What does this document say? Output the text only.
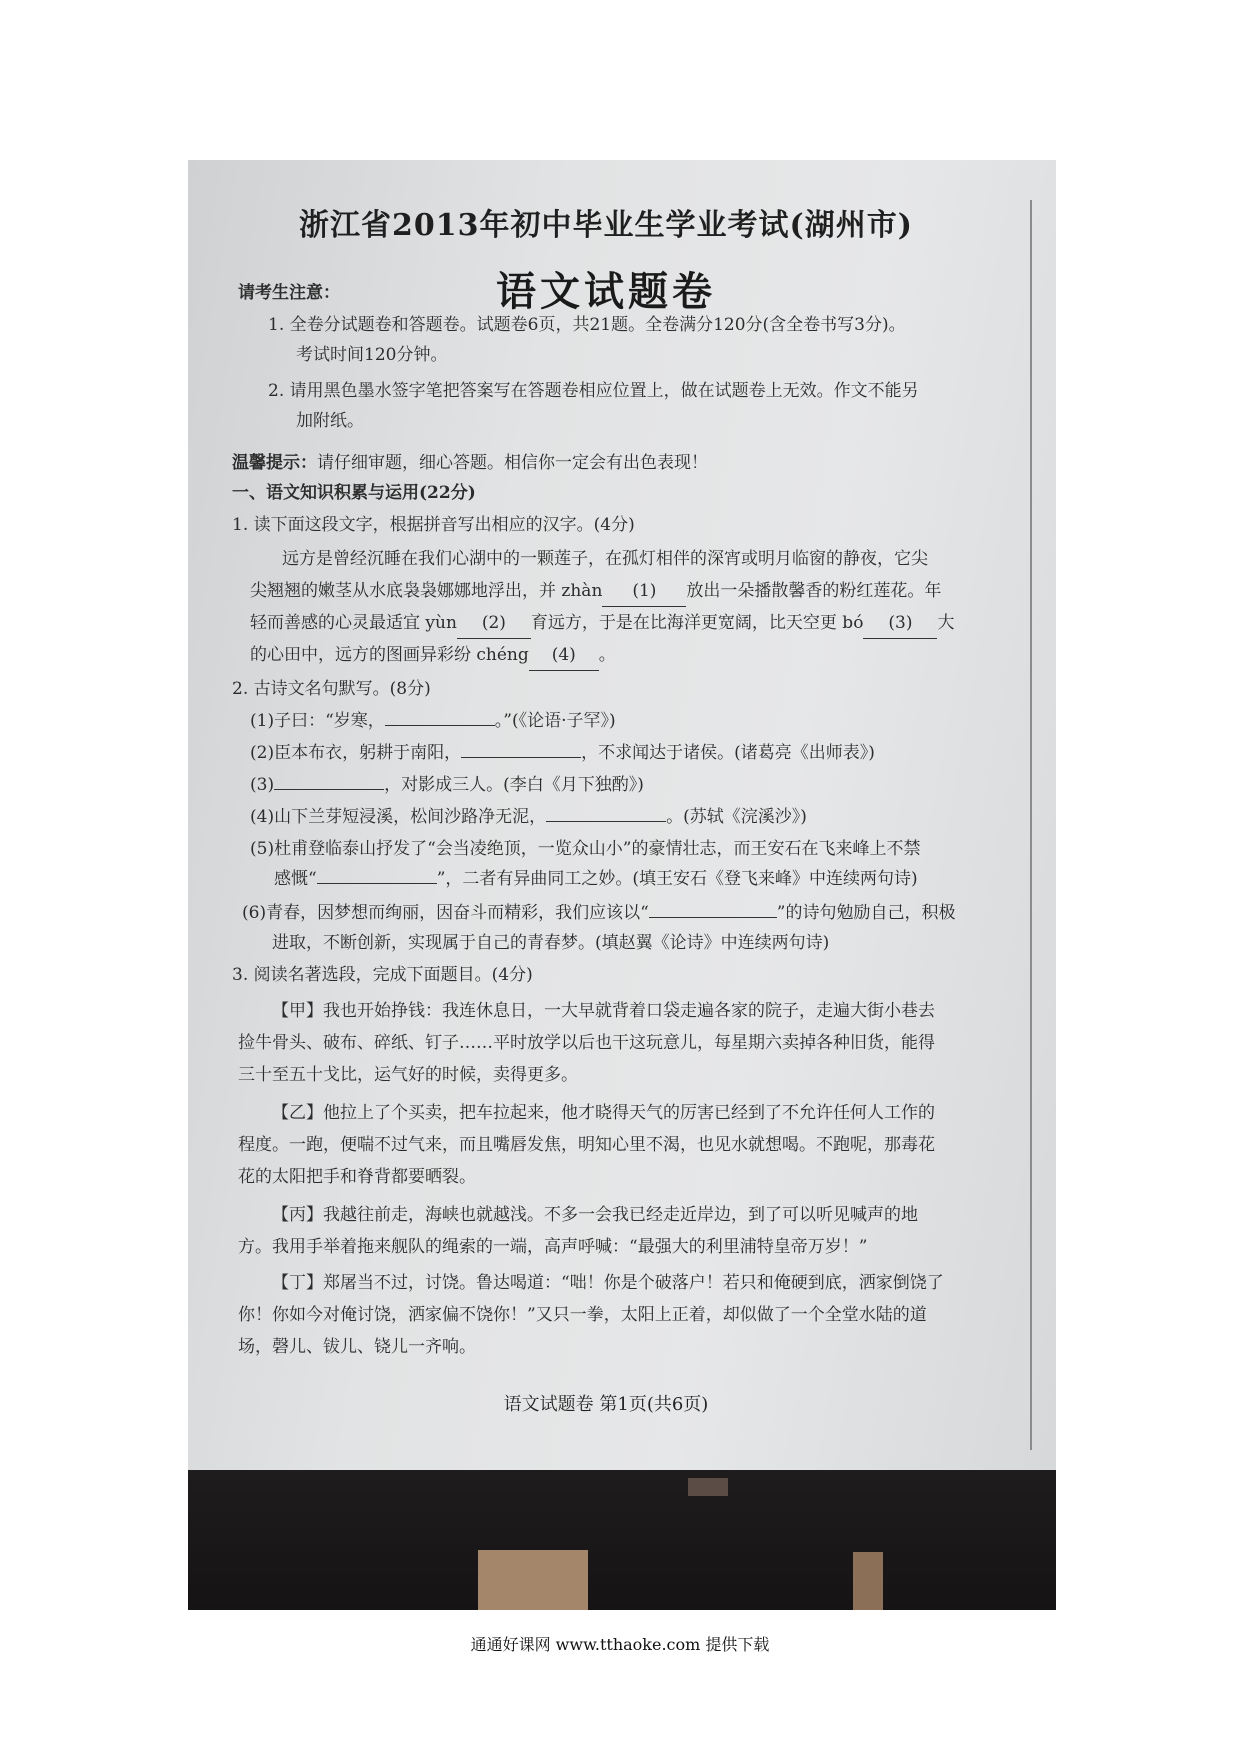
浙江省2013年初中毕业生学业考试(湖州市)
语文试题卷
请考生注意：
1. 全卷分试题卷和答题卷。试题卷6页，共21题。全卷满分120分(含全卷书写3分)。
考试时间120分钟。
2. 请用黑色墨水签字笔把答案写在答题卷相应位置上，做在试题卷上无效。作文不能另
加附纸。
温馨提示：请仔细审题，细心答题。相信你一定会有出色表现！
一、语文知识积累与运用(22分)
1. 读下面这段文字，根据拼音写出相应的汉字。(4分)
远方是曾经沉睡在我们心湖中的一颗莲子，在孤灯相伴的深宵或明月临窗的静夜，它尖
尖翘翘的嫩茎从水底袅袅娜娜地浮出，并 zhàn (1) 放出一朵播散馨香的粉红莲花。年
轻而善感的心灵最适宜 yùn (2) 育远方，于是在比海洋更宽阔，比天空更 bó (3) 大
的心田中，远方的图画异彩纷 chéng (4) 。
2. 古诗文名句默写。(8分)
(1)子曰：“岁寒，	。”(《论语·子罕》)
(2)臣本布衣，躬耕于南阳，	，不求闻达于诸侯。(诸葛亮《出师表》)
(3)	，对影成三人。(李白《月下独酌》)
(4)山下兰芽短浸溪，松间沙路净无泥，	。(苏轼《浣溪沙》)
(5)杜甫登临泰山抒发了“会当凌绝顶，一览众山小”的豪情壮志，而王安石在飞来峰上不禁
感慨“	”，二者有异曲同工之妙。(填王安石《登飞来峰》中连续两句诗)
(6)青春，因梦想而绚丽，因奋斗而精彩，我们应该以“	”的诗句勉励自己，积极
进取，不断创新，实现属于自己的青春梦。(填赵翼《论诗》中连续两句诗)
3. 阅读名著选段，完成下面题目。(4分)
【甲】我也开始挣钱：我连休息日，一大早就背着口袋走遍各家的院子，走遍大街小巷去
捡牛骨头、破布、碎纸、钉子……平时放学以后也干这玩意儿，每星期六卖掉各种旧货，能得
三十至五十戈比，运气好的时候，卖得更多。
【乙】他拉上了个买卖，把车拉起来，他才晓得天气的厉害已经到了不允许任何人工作的
程度。一跑，便喘不过气来，而且嘴唇发焦，明知心里不渴，也见水就想喝。不跑呢，那毒花
花的太阳把手和脊背都要晒裂。
【丙】我越往前走，海峡也就越浅。不多一会我已经走近岸边，到了可以听见喊声的地
方。我用手举着拖来舰队的绳索的一端，高声呼喊：“最强大的利里浦特皇帝万岁！”
【丁】郑屠当不过，讨饶。鲁达喝道：“咄！你是个破落户！若只和俺硬到底，洒家倒饶了
你！你如今对俺讨饶，洒家偏不饶你！”又只一拳，太阳上正着，却似做了一个全堂水陆的道
场，磬儿、钹儿、铙儿一齐响。
语文试题卷 第1页(共6页)
通通好课网 www.tthaoke.com 提供下载
